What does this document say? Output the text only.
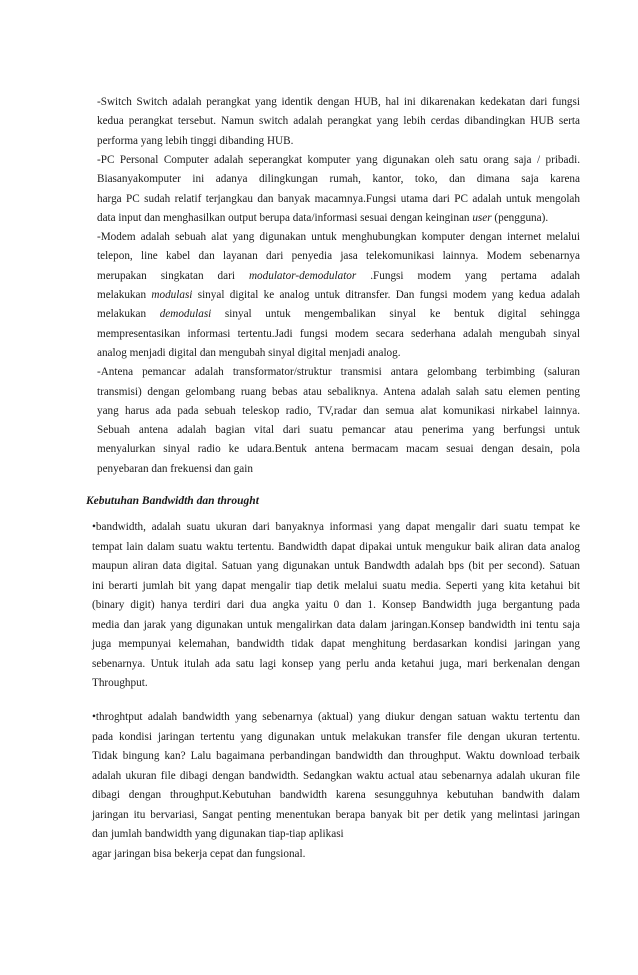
-Switch Switch adalah perangkat yang identik dengan HUB, hal ini dikarenakan kedekatan dari fungsi
kedua perangkat tersebut. Namun switch adalah perangkat yang lebih cerdas dibandingkan HUB serta
performa yang lebih tinggi dibanding HUB.
-PC Personal Computer adalah seperangkat komputer yang digunakan oleh satu orang saja / pribadi.
Biasanyakomputer ini adanya dilingkungan rumah, kantor, toko, dan dimana saja karena
harga PC sudah relatif terjangkau dan banyak macamnya.Fungsi utama dari PC adalah untuk mengolah
data input dan menghasilkan output berupa data/informasi sesuai dengan keinginan user (pengguna).
-Modem adalah sebuah alat yang digunakan untuk menghubungkan komputer dengan internet melalui
telepon, line kabel dan layanan dari penyedia jasa telekomunikasi lainnya. Modem sebenarnya
merupakan singkatan dari modulator-demodulator .Fungsi modem yang pertama adalah
melakukan modulasi sinyal digital ke analog untuk ditransfer. Dan fungsi modem yang kedua adalah
melakukan demodulasi sinyal untuk mengembalikan sinyal ke bentuk digital sehingga
mempresentasikan informasi tertentu.Jadi fungsi modem secara sederhana adalah mengubah sinyal
analog menjadi digital dan mengubah sinyal digital menjadi analog.
-Antena pemancar adalah transformator/struktur transmisi antara gelombang terbimbing (saluran
transmisi) dengan gelombang ruang bebas atau sebaliknya. Antena adalah salah satu elemen penting
yang harus ada pada sebuah teleskop radio, TV,radar dan semua alat komunikasi nirkabel lainnya.
Sebuah antena adalah bagian vital dari suatu pemancar atau penerima yang berfungsi untuk
menyalurkan sinyal radio ke udara.Bentuk antena bermacam macam sesuai dengan desain, pola
penyebaran dan frekuensi dan gain
Kebutuhan Bandwidth dan throught
•bandwidth, adalah suatu ukuran dari banyaknya informasi yang dapat mengalir dari suatu tempat ke
tempat lain dalam suatu waktu tertentu. Bandwidth dapat dipakai untuk mengukur baik aliran data analog
maupun aliran data digital. Satuan yang digunakan untuk Bandwdth adalah bps (bit per second). Satuan
ini berarti jumlah bit yang dapat mengalir tiap detik melalui suatu media. Seperti yang kita ketahui bit
(binary digit) hanya terdiri dari dua angka yaitu 0 dan 1. Konsep Bandwidth juga bergantung pada
media dan jarak yang digunakan untuk mengalirkan data dalam jaringan.Konsep bandwidth ini tentu saja
juga mempunyai kelemahan, bandwidth tidak dapat menghitung berdasarkan kondisi jaringan yang
sebenarnya. Untuk itulah ada satu lagi konsep yang perlu anda ketahui juga, mari berkenalan dengan
Throughput.
•throghtput adalah bandwidth yang sebenarnya (aktual) yang diukur dengan satuan waktu tertentu dan
pada kondisi jaringan tertentu yang digunakan untuk melakukan transfer file dengan ukuran tertentu.
Tidak bingung kan? Lalu bagaimana perbandingan bandwidth dan throughput. Waktu download terbaik
adalah ukuran file dibagi dengan bandwidth. Sedangkan waktu actual atau sebenarnya adalah ukuran file
dibagi dengan throughput.Kebutuhan bandwidth karena sesungguhnya kebutuhan bandwith dalam
jaringan itu bervariasi, Sangat penting menentukan berapa banyak bit per detik yang melintasi jaringan
dan jumlah bandwidth yang digunakan tiap-tiap aplikasi
agar jaringan bisa bekerja cepat dan fungsional.
